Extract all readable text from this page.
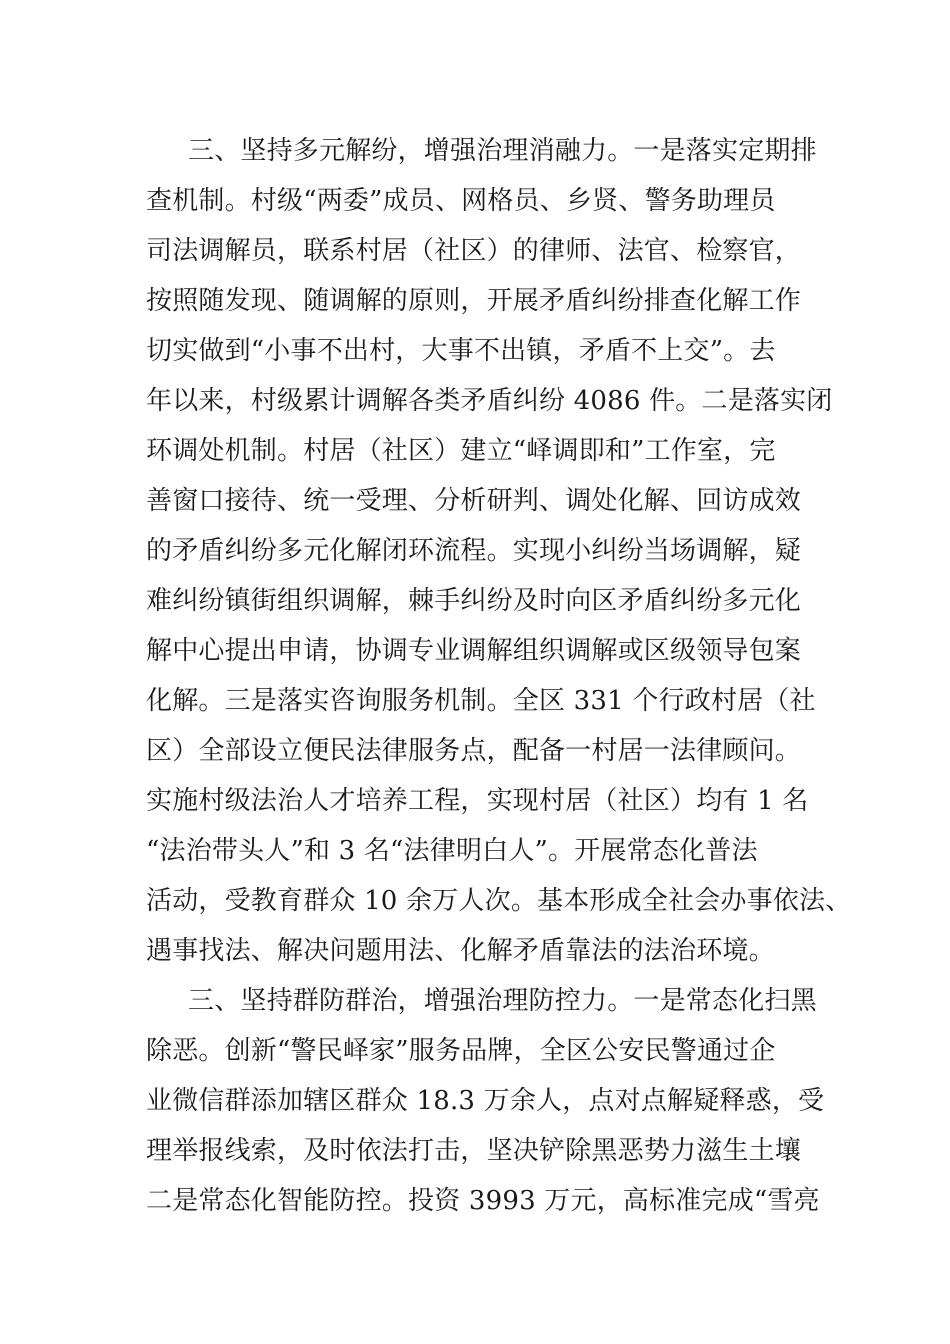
三、坚持多元解纷，增强治理消融力。一是落实定期排
查机制。村级“两委”成员、网格员、乡贤、警务助理员
司法调解员，联系村居（社区）的律师、法官、检察官，
按照随发现、随调解的原则，开展矛盾纠纷排查化解工作
切实做到“小事不出村，大事不出镇，矛盾不上交”。去
年以来，村级累计调解各类矛盾纠纷 4086 件。二是落实闭
环调处机制。村居（社区）建立“峄调即和”工作室，完
善窗口接待、统一受理、分析研判、调处化解、回访成效
的矛盾纠纷多元化解闭环流程。实现小纠纷当场调解，疑
难纠纷镇街组织调解，棘手纠纷及时向区矛盾纠纷多元化
解中心提出申请，协调专业调解组织调解或区级领导包案
化解。三是落实咨询服务机制。全区 331 个行政村居（社
区）全部设立便民法律服务点，配备一村居一法律顾问。
实施村级法治人才培养工程，实现村居（社区）均有 1 名
“法治带头人”和 3 名“法律明白人”。开展常态化普法
活动，受教育群众 10 余万人次。基本形成全社会办事依法、
遇事找法、解决问题用法、化解矛盾靠法的法治环境。
三、坚持群防群治，增强治理防控力。一是常态化扫黑
除恶。创新“警民峄家”服务品牌，全区公安民警通过企
业微信群添加辖区群众 18.3 万余人，点对点解疑释惑，受
理举报线索，及时依法打击，坚决铲除黑恶势力滋生土壤
二是常态化智能防控。投资 3993 万元，高标准完成“雪亮
